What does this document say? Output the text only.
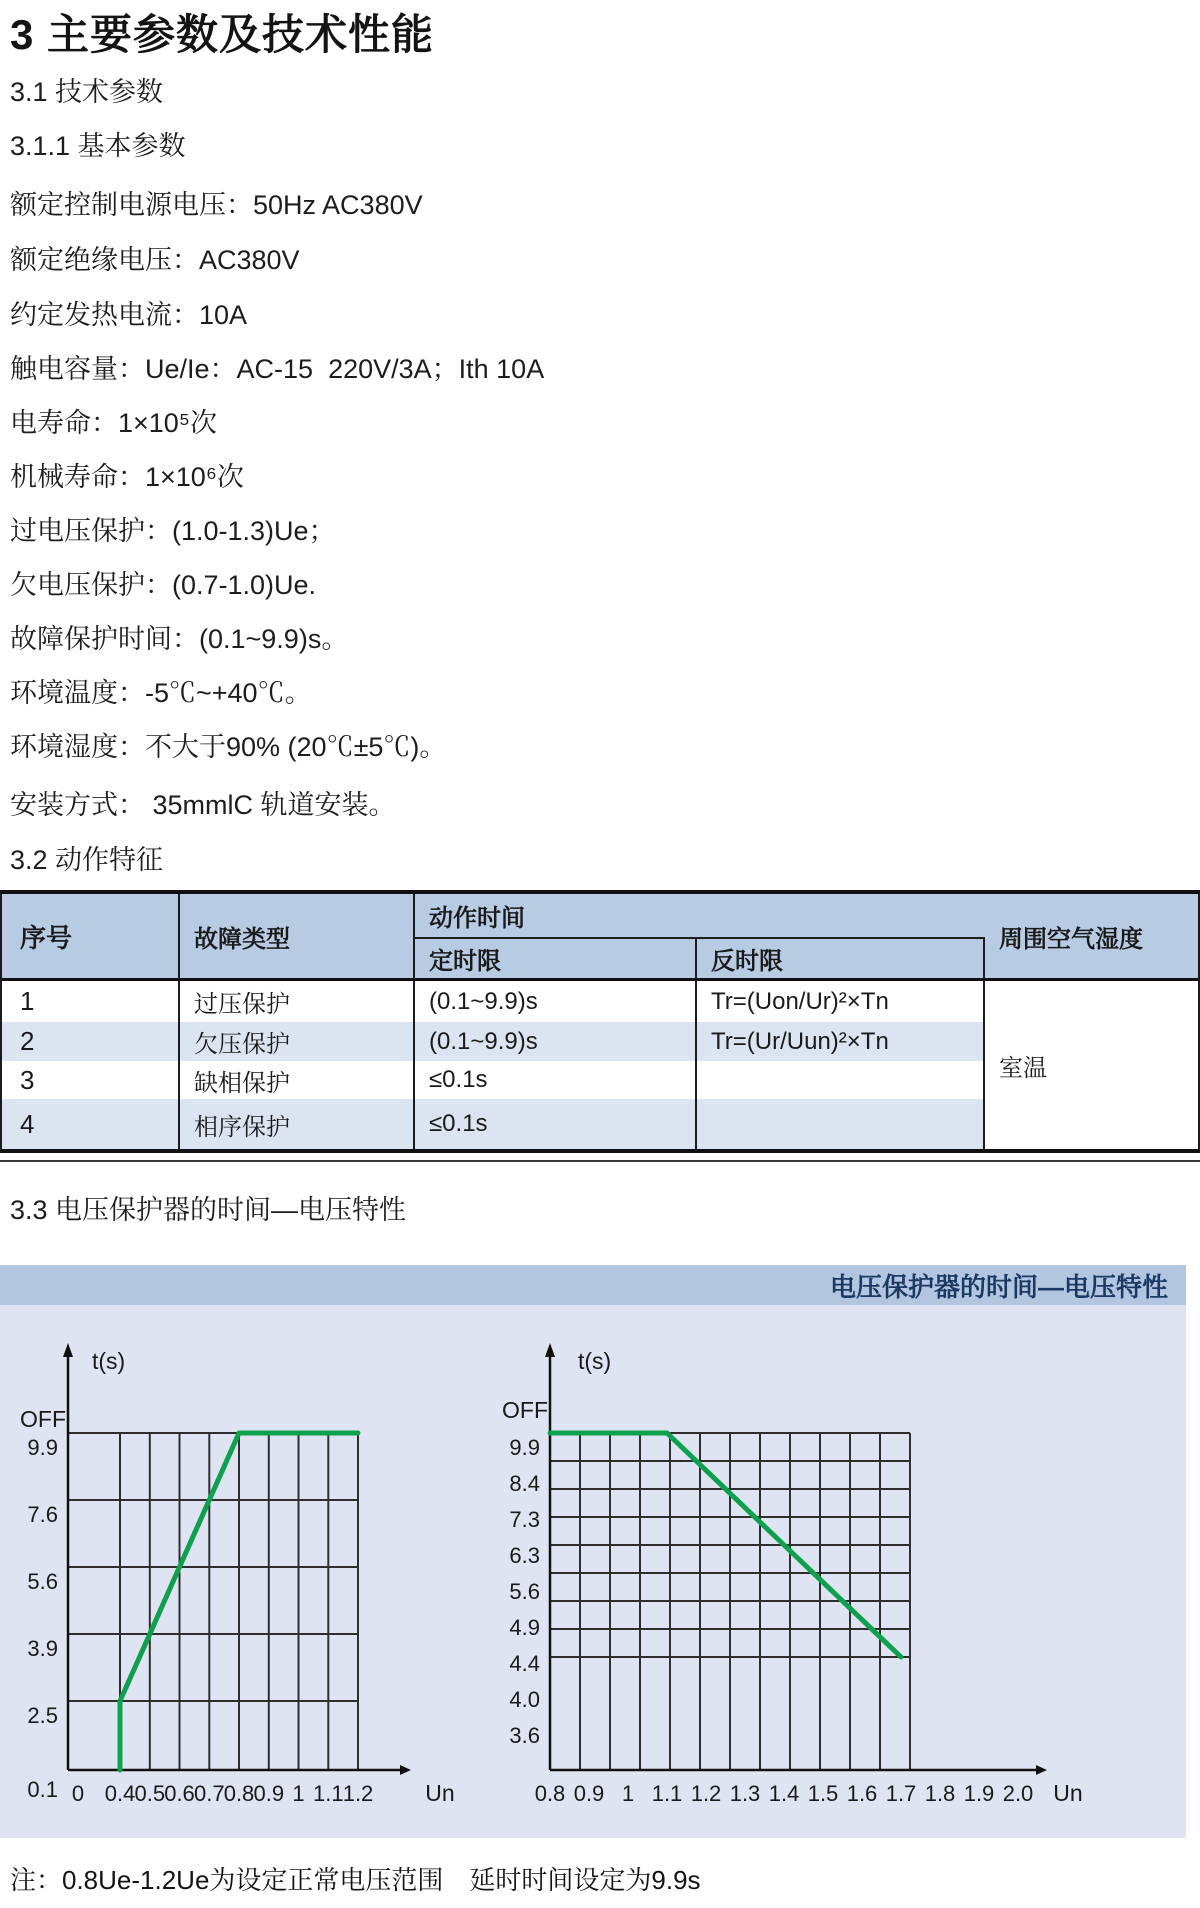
3 主要参数及技术性能
3.1 技术参数
3.1.1 基本参数
额定控制电源电压：50Hz AC380V
额定绝缘电压：AC380V
约定发热电流：10A
触电容量：Ue/Ie：AC-15  220V/3A；Ith 10A
电寿命：1×10⁵次
机械寿命：1×10⁶次
过电压保护：(1.0-1.3)Ue；
欠电压保护：(0.7-1.0)Ue.
故障保护时间：(0.1~9.9)s。
环境温度：-5℃~+40℃。
环境湿度：不大于90% (20℃±5℃)。
安装方式： 35mmlC 轨道安装。
3.2 动作特征
序号	故障类型
动作时间
定时限	反时限
周围空气湿度
1	过压保护	(0.1~9.9)s	Tr=(Uon/Ur)²×Tn
2	欠压保护	(0.1~9.9)s	Tr=(Ur/Uun)²×Tn
3	缺相保护	≤0.1s
4	相序保护	≤0.1s
室温
3.3 电压保护器的时间—电压特性
电压保护器的时间—电压特性
0 0.4 0.5 0.6 0.7 0.8 0.9 1 1.1 1.2
9.9
7.6
5.6
3.9
2.5
0.1
t(s)
OFF
Un	0.8 0.9 1 1.1 1.2 1.3 1.4 1.5 1.6 1.7 1.8 1.9 2.0
9.9
8.4
7.3
6.3
5.6
4.9
4.4
4.0
3.6
t(s)
OFF
Un
注：0.8Ue-1.2Ue为设定正常电压范围　延时时间设定为9.9s
